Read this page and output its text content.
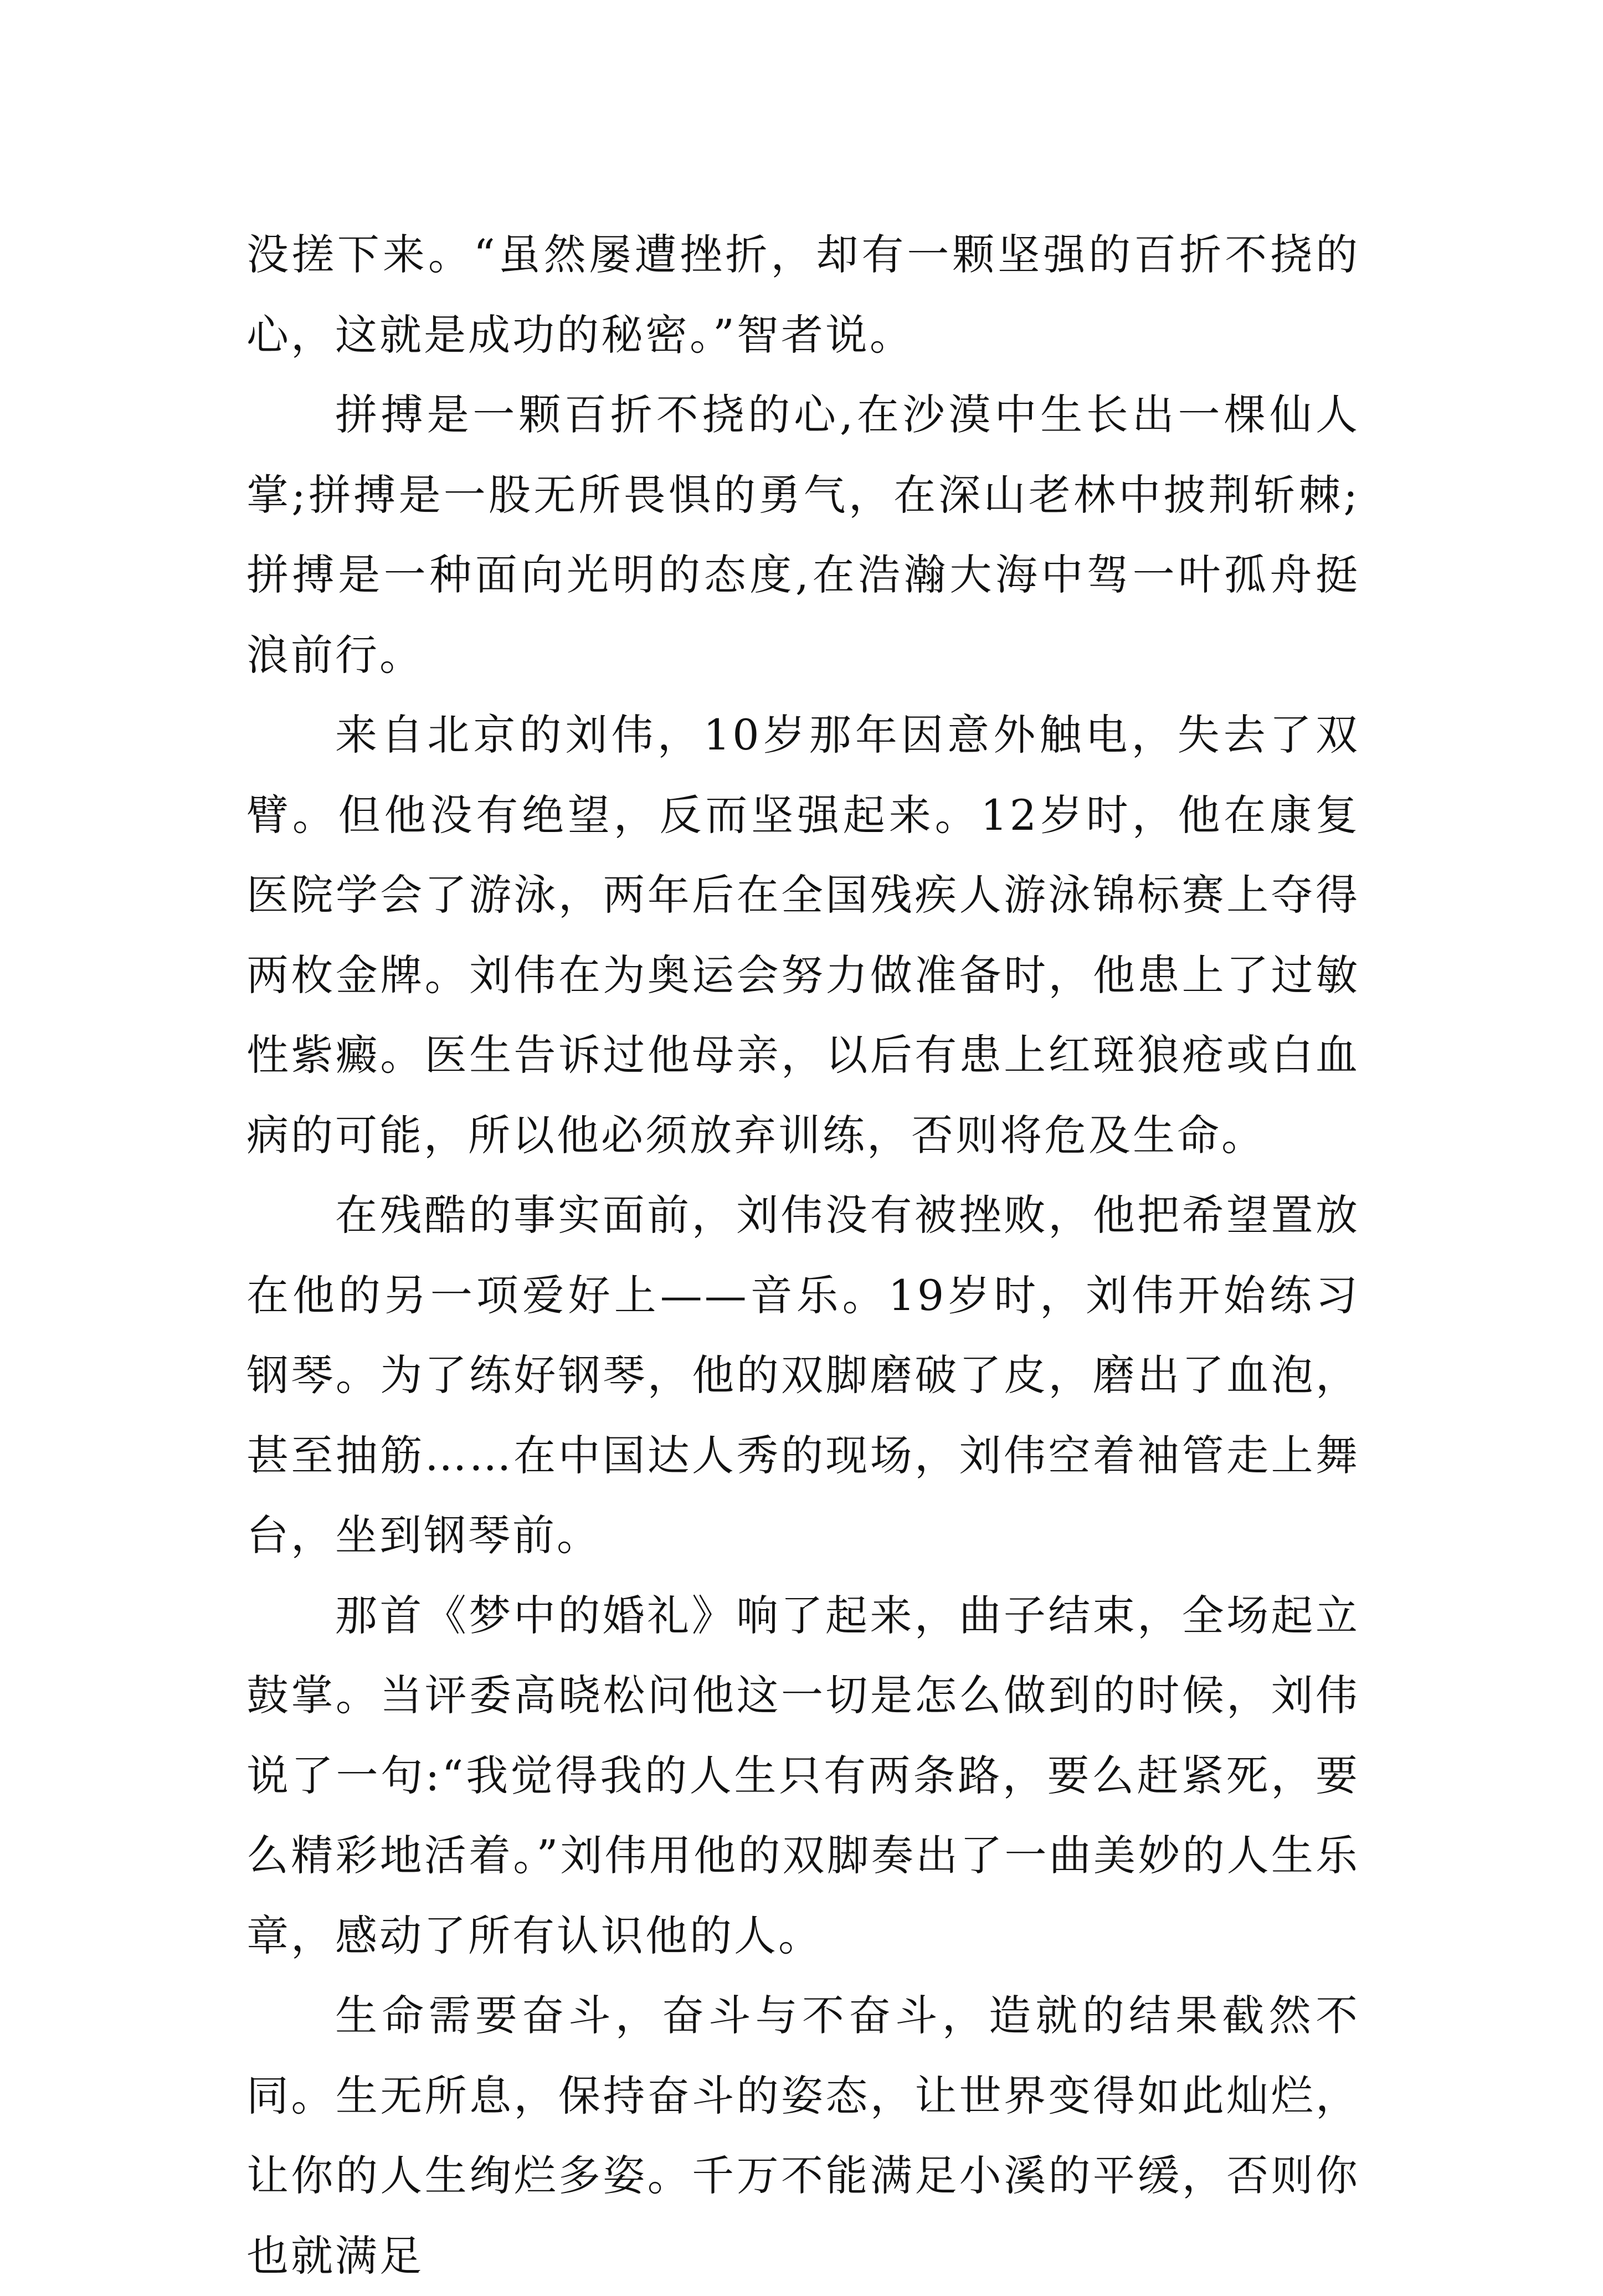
没搓下来。“虽然屡遭挫折，却有一颗坚强的百折不挠的心，这就是成功的秘密。”智者说。

拼搏是一颗百折不挠的心,在沙漠中生长出一棵仙人掌;拼搏是一股无所畏惧的勇气，在深山老林中披荆斩棘;拼搏是一种面向光明的态度,在浩瀚大海中驾一叶孤舟挺浪前行。

来自北京的刘伟，10岁那年因意外触电，失去了双臂。但他没有绝望，反而坚强起来。12岁时，他在康复医院学会了游泳，两年后在全国残疾人游泳锦标赛上夺得两枚金牌。刘伟在为奥运会努力做准备时，他患上了过敏性紫癜。医生告诉过他母亲，以后有患上红斑狼疮或白血病的可能，所以他必须放弃训练，否则将危及生命。

在残酷的事实面前，刘伟没有被挫败，他把希望置放在他的另一项爱好上——音乐。19岁时，刘伟开始练习钢琴。为了练好钢琴，他的双脚磨破了皮，磨出了血泡，甚至抽筋……在中国达人秀的现场，刘伟空着袖管走上舞台，坐到钢琴前。

那首《梦中的婚礼》响了起来，曲子结束，全场起立鼓掌。当评委高晓松问他这一切是怎么做到的时候，刘伟说了一句:“我觉得我的人生只有两条路，要么赶紧死，要么精彩地活着。”刘伟用他的双脚奏出了一曲美妙的人生乐章，感动了所有认识他的人。

生命需要奋斗，奋斗与不奋斗，造就的结果截然不同。生无所息，保持奋斗的姿态，让世界变得如此灿烂，让你的人生绚烂多姿。千万不能满足小溪的平缓，否则你也就满足
